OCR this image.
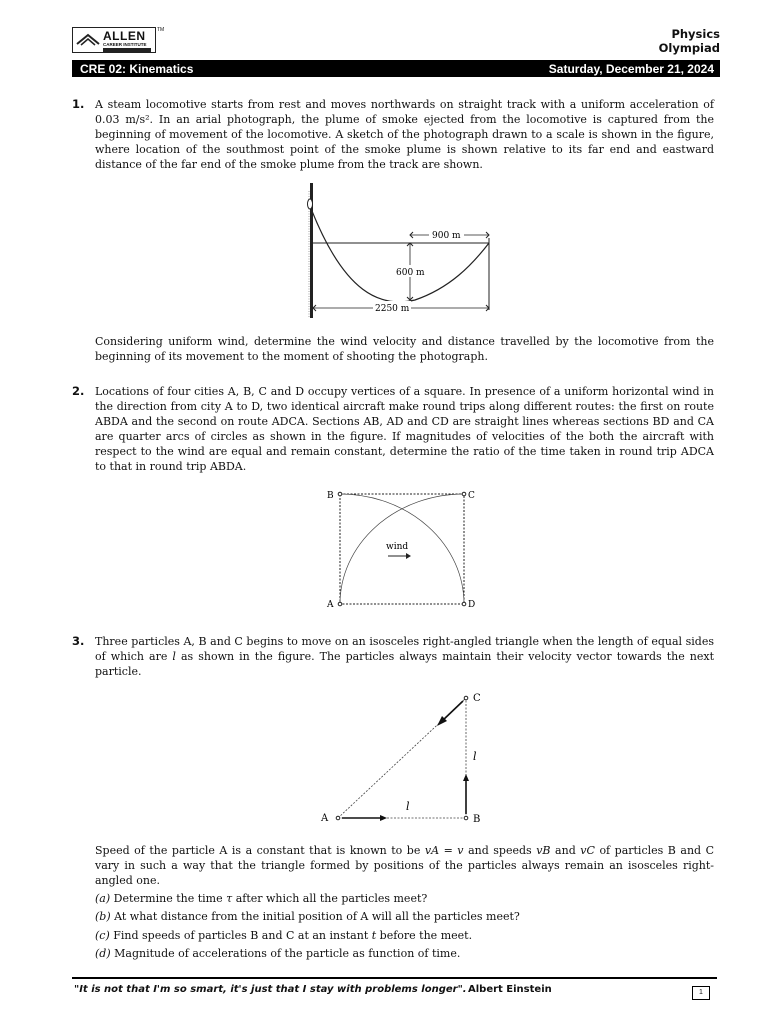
ALLEN
CAREER INSTITUTE
TM	Physics
Olympiad
CRE 02: Kinematics	Saturday, December 21, 2024
1. A steam locomotive starts from rest and moves northwards on straight track with a uniform acceleration of 0.03 m/s². In an arial photograph, the plume of smoke ejected from the locomotive is captured from the beginning of movement of the locomotive. A sketch of the photograph drawn to a scale is shown in the figure, where location of the southmost point of the smoke plume is shown relative to its far end and eastward distance of the far end of the smoke plume from the track are shown.

900 m
600 m
2250 m

Considering uniform wind, determine the wind velocity and distance travelled by the locomotive from the beginning of its movement to the moment of shooting the photograph.

2. Locations of four cities A, B, C and D occupy vertices of a square. In presence of a uniform horizontal wind in the direction from city A to D, two identical aircraft make round trips along different routes: the first on route ABDA and the second on route ADCA. Sections AB, AD and CD are straight lines whereas sections BD and CA are quarter arcs of circles as shown in the figure. If magnitudes of velocities of the both the aircraft with respect to the wind are equal and remain constant, determine the ratio of the time taken in round trip ADCA to that in round trip ABDA.

B	C
A	D
wind
3. Three particles A, B and C begins to move on an isosceles right-angled triangle when the length of equal sides of which are l as shown in the figure. The particles always maintain their velocity vector towards the next particle.

A	B
C
l
l

Speed of the particle A is a constant that is known to be vA = v and speeds vB and vC of particles B and C vary in such a way that the triangle formed by positions of the particles always remain an isosceles right-angled one.

(a) Determine the time τ after which all the particles meet?
(b) At what distance from the initial position of A will all the particles meet?
(c) Find speeds of particles B and C at an instant t before the meet.
(d) Magnitude of accelerations of the particle as function of time.
"It is not that I'm so smart, it's just that I stay with problems longer". Albert Einstein	1
